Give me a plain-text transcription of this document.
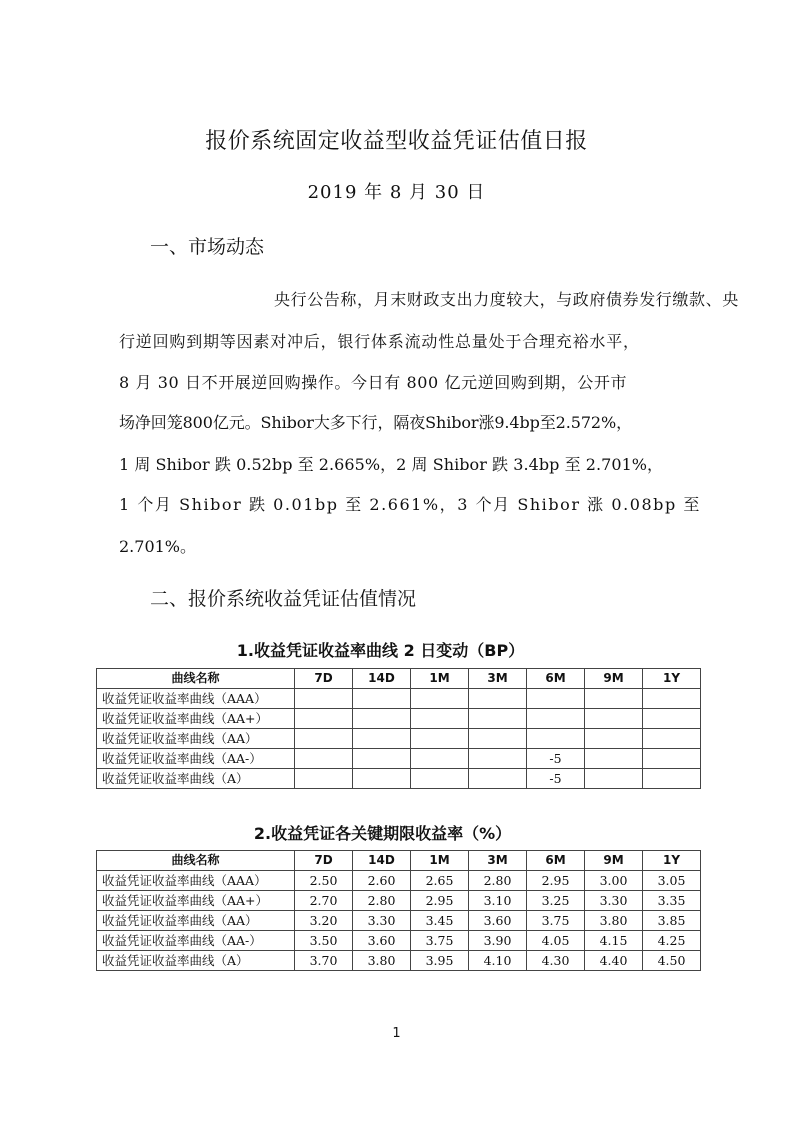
报价系统固定收益型收益凭证估值日报
2019 年 8 月 30 日
一、市场动态
央行公告称，月末财政支出力度较大，与政府债券发行缴款、央
行逆回购到期等因素对冲后，银行体系流动性总量处于合理充裕水平，
8 月 30 日不开展逆回购操作。今日有 800 亿元逆回购到期，公开市
场净回笼800亿元。Shibor大多下行，隔夜Shibor涨9.4bp至2.572%，
1 周 Shibor 跌 0.52bp 至 2.665%，2 周 Shibor 跌 3.4bp 至 2.701%，
1 个月 Shibor 跌 0.01bp 至 2.661%，3 个月 Shibor 涨 0.08bp 至
2.701%。
二、报价系统收益凭证估值情况
1.收益凭证收益率曲线 2 日变动（BP）
曲线名称	7D	14D	1M	3M	6M	9M	1Y
收益凭证收益率曲线（AAA）							
收益凭证收益率曲线（AA+）							
收益凭证收益率曲线（AA）							
收益凭证收益率曲线（AA-）					-5		
收益凭证收益率曲线（A）					-5		
2.收益凭证各关键期限收益率（%）
曲线名称	7D	14D	1M	3M	6M	9M	1Y
收益凭证收益率曲线（AAA）	2.50	2.60	2.65	2.80	2.95	3.00	3.05
收益凭证收益率曲线（AA+）	2.70	2.80	2.95	3.10	3.25	3.30	3.35
收益凭证收益率曲线（AA）	3.20	3.30	3.45	3.60	3.75	3.80	3.85
收益凭证收益率曲线（AA-）	3.50	3.60	3.75	3.90	4.05	4.15	4.25
收益凭证收益率曲线（A）	3.70	3.80	3.95	4.10	4.30	4.40	4.50
1
